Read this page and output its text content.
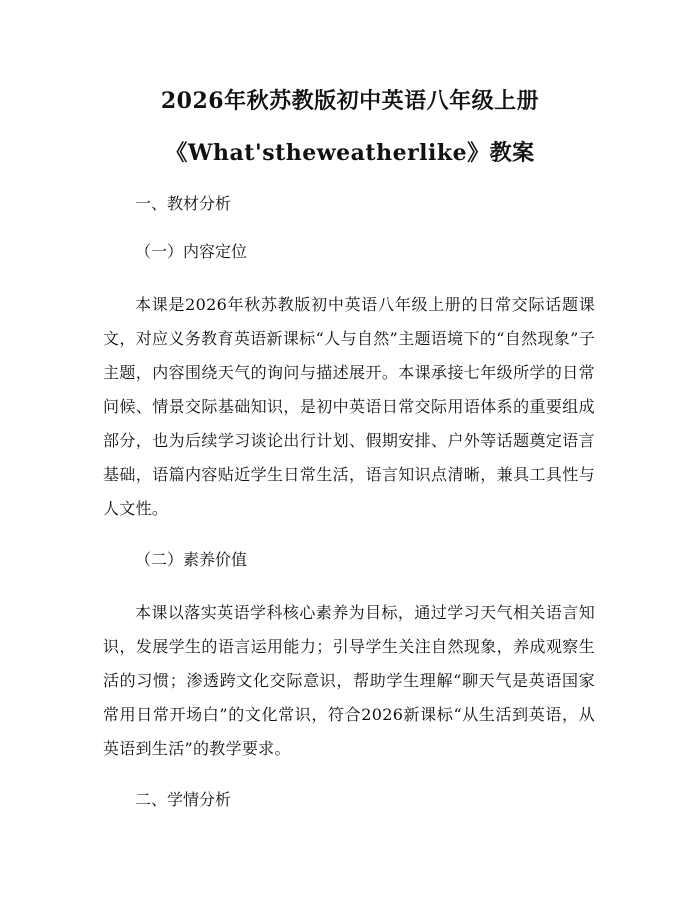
2026年秋苏教版初中英语八年级上册
《What'stheweatherlike》教案

一、教材分析

（一）内容定位

本课是2026年秋苏教版初中英语八年级上册的日常交际话题课文，对应义务教育英语新课标“人与自然”主题语境下的“自然现象”子主题，内容围绕天气的询问与描述展开。本课承接七年级所学的日常问候、情景交际基础知识，是初中英语日常交际用语体系的重要组成部分，也为后续学习谈论出行计划、假期安排、户外等话题奠定语言基础，语篇内容贴近学生日常生活，语言知识点清晰，兼具工具性与人文性。

（二）素养价值

本课以落实英语学科核心素养为目标，通过学习天气相关语言知识，发展学生的语言运用能力；引导学生关注自然现象，养成观察生活的习惯；渗透跨文化交际意识，帮助学生理解“聊天气是英语国家常用日常开场白”的文化常识，符合2026新课标“从生活到英语，从英语到生活”的教学要求。

二、学情分析
